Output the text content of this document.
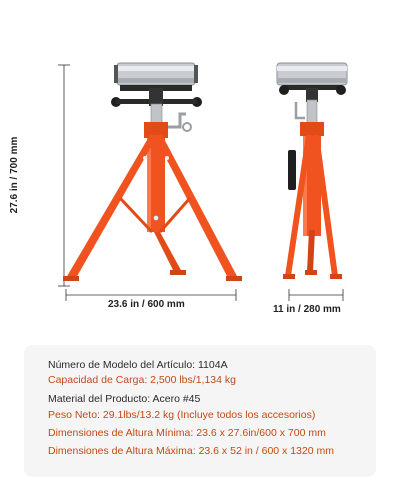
27.6 in / 700 mm
23.6 in / 600 mm	11 in / 280 mm
Número de Modelo del Artículo: 1104A
Capacidad de Carga: 2,500 lbs/1,134 kg
Material del Producto: Acero #45
Peso Neto: 29.1lbs/13.2 kg (Incluye todos los accesorios)
Dimensiones de Altura Mínima: 23.6 x 27.6in/600 x 700 mm
Dimensiones de Altura Máxima: 23.6 x 52 in / 600 x 1320 mm
